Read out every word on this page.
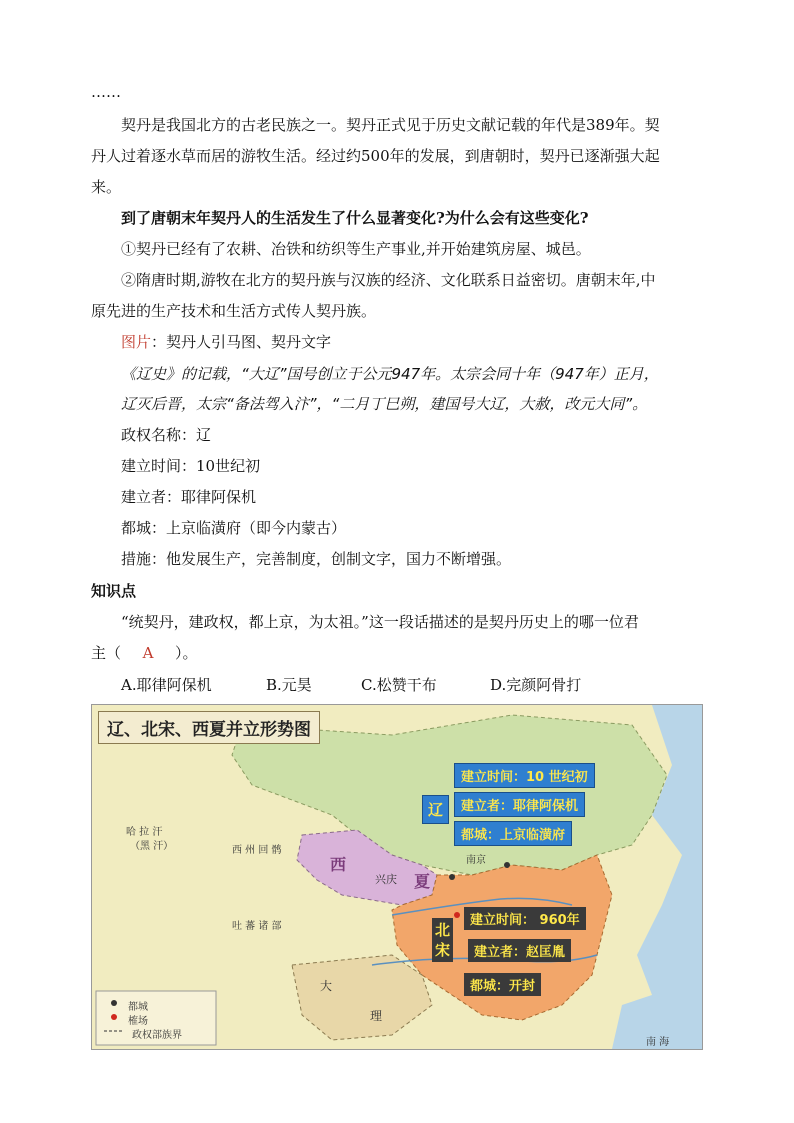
……
契丹是我国北方的古老民族之一。契丹正式见于历史文献记载的年代是389年。契
丹人过着逐水草而居的游牧生活。经过约500年的发展，到唐朝时，契丹已逐渐强大起
来。
到了唐朝末年契丹人的生活发生了什么显著变化?为什么会有这些变化?
①契丹已经有了农耕、冶铁和纺织等生产事业,并开始建筑房屋、城邑。
②隋唐时期,游牧在北方的契丹族与汉族的经济、文化联系日益密切。唐朝末年,中
原先进的生产技术和生活方式传人契丹族。
图片：契丹人引马图、契丹文字
《辽史》的记载，“大辽”国号创立于公元947年。太宗会同十年（947年）正月，
辽灭后晋，太宗“备法驾入汴”，“二月丁巳朔，建国号大辽，大赦，改元大同”。
政权名称：辽
建立时间：10世纪初
建立者：耶律阿保机
都城：上京临潢府（即今内蒙古）
措施：他发展生产，完善制度，创制文字，国力不断增强。
知识点
“统契丹，建政权，都上京，为太祖。”这一段话描述的是契丹历史上的哪一位君
主（ A ）。
A.耶律阿保机	B.元昊	C.松赞干布	D.完颜阿骨打
辽、北宋、西夏并立形势图
哈 拉 汗
（黑 汗）	西 州 回 鹘
吐 蕃 诸 部
大
理
南 海
南京
兴庆
西
夏
都城
榷场
政权部族界
辽
建立时间：10 世纪初
建立者：耶律阿保机
都城：上京临潢府
北
宋
建立时间： 960年
建立者：赵匡胤
都城：开封
